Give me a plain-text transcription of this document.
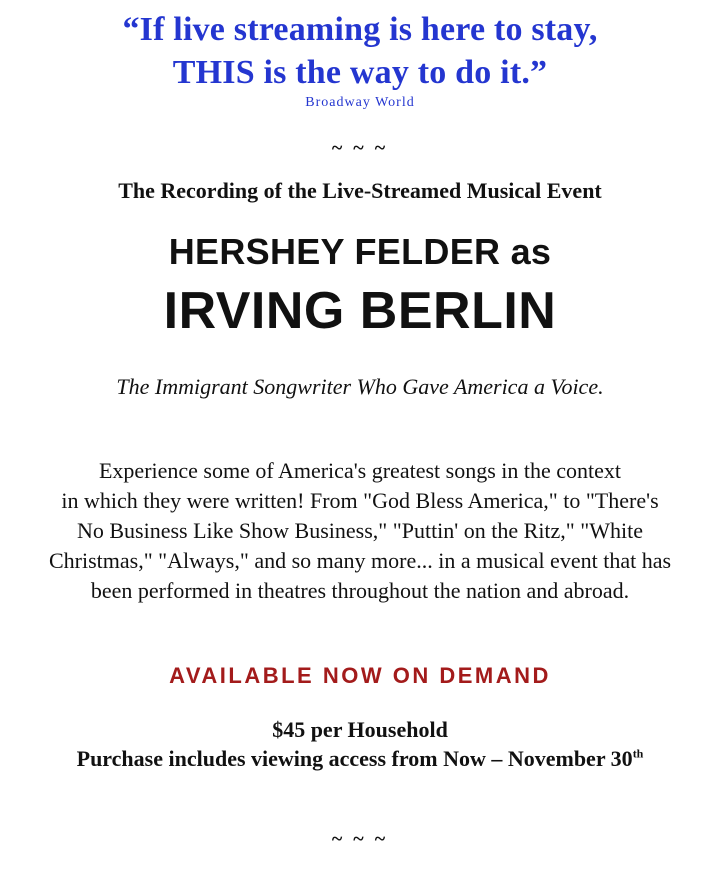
“If live streaming is here to stay,
THIS is the way to do it.”
Broadway World
~ ~ ~
The Recording of the Live-Streamed Musical Event
HERSHEY FELDER as
IRVING BERLIN
The Immigrant Songwriter Who Gave America a Voice.
Experience some of America's greatest songs in the context
in which they were written! From "God Bless America," to "There's
No Business Like Show Business," "Puttin' on the Ritz," "White
Christmas," "Always," and so many more... in a musical event that has
been performed in theatres throughout the nation and abroad.
AVAILABLE NOW ON DEMAND
$45 per Household
Purchase includes viewing access from Now – November 30th
~ ~ ~
